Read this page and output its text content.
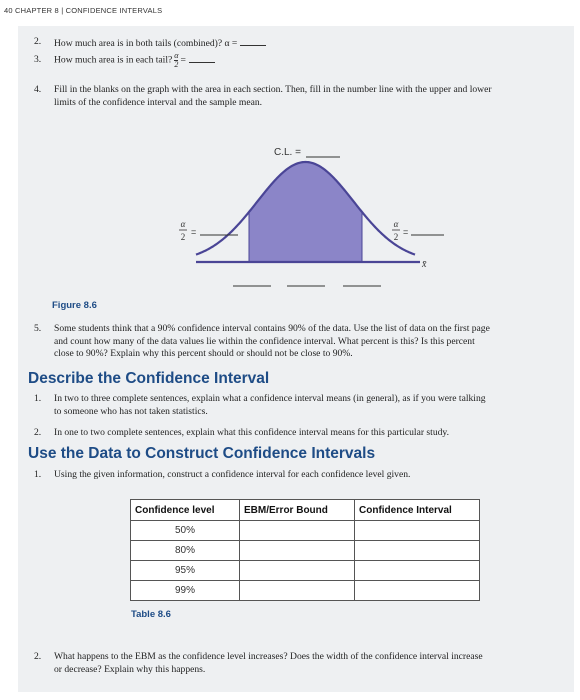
40 CHAPTER 8 | CONFIDENCE INTERVALS
2.	How much area is in both tails (combined)? α =
3.	How much area is in each tail? $\frac{\alpha}{2}$ =
4.	Fill in the blanks on the graph with the area in each section. Then, fill in the number line with the upper and lower
limits of the confidence interval and the sample mean.
C.L. =
α
2 =
α
2 =
x̄
Figure 8.6
5.	Some students think that a 90% confidence interval contains 90% of the data. Use the list of data on the first page
and count how many of the data values lie within the confidence interval. What percent is this? Is this percent
close to 90%? Explain why this percent should or should not be close to 90%.
Describe the Confidence Interval
1.	In two to three complete sentences, explain what a confidence interval means (in general), as if you were talking
to someone who has not taken statistics.
2.	In one to two complete sentences, explain what this confidence interval means for this particular study.
Use the Data to Construct Confidence Intervals
1.	Using the given information, construct a confidence interval for each confidence level given.
Confidence level	EBM/Error Bound	Confidence Interval
50%		
80%		
95%		
99%		
Table 8.6
2.	What happens to the EBM as the confidence level increases? Does the width of the confidence interval increase
or decrease? Explain why this happens.
